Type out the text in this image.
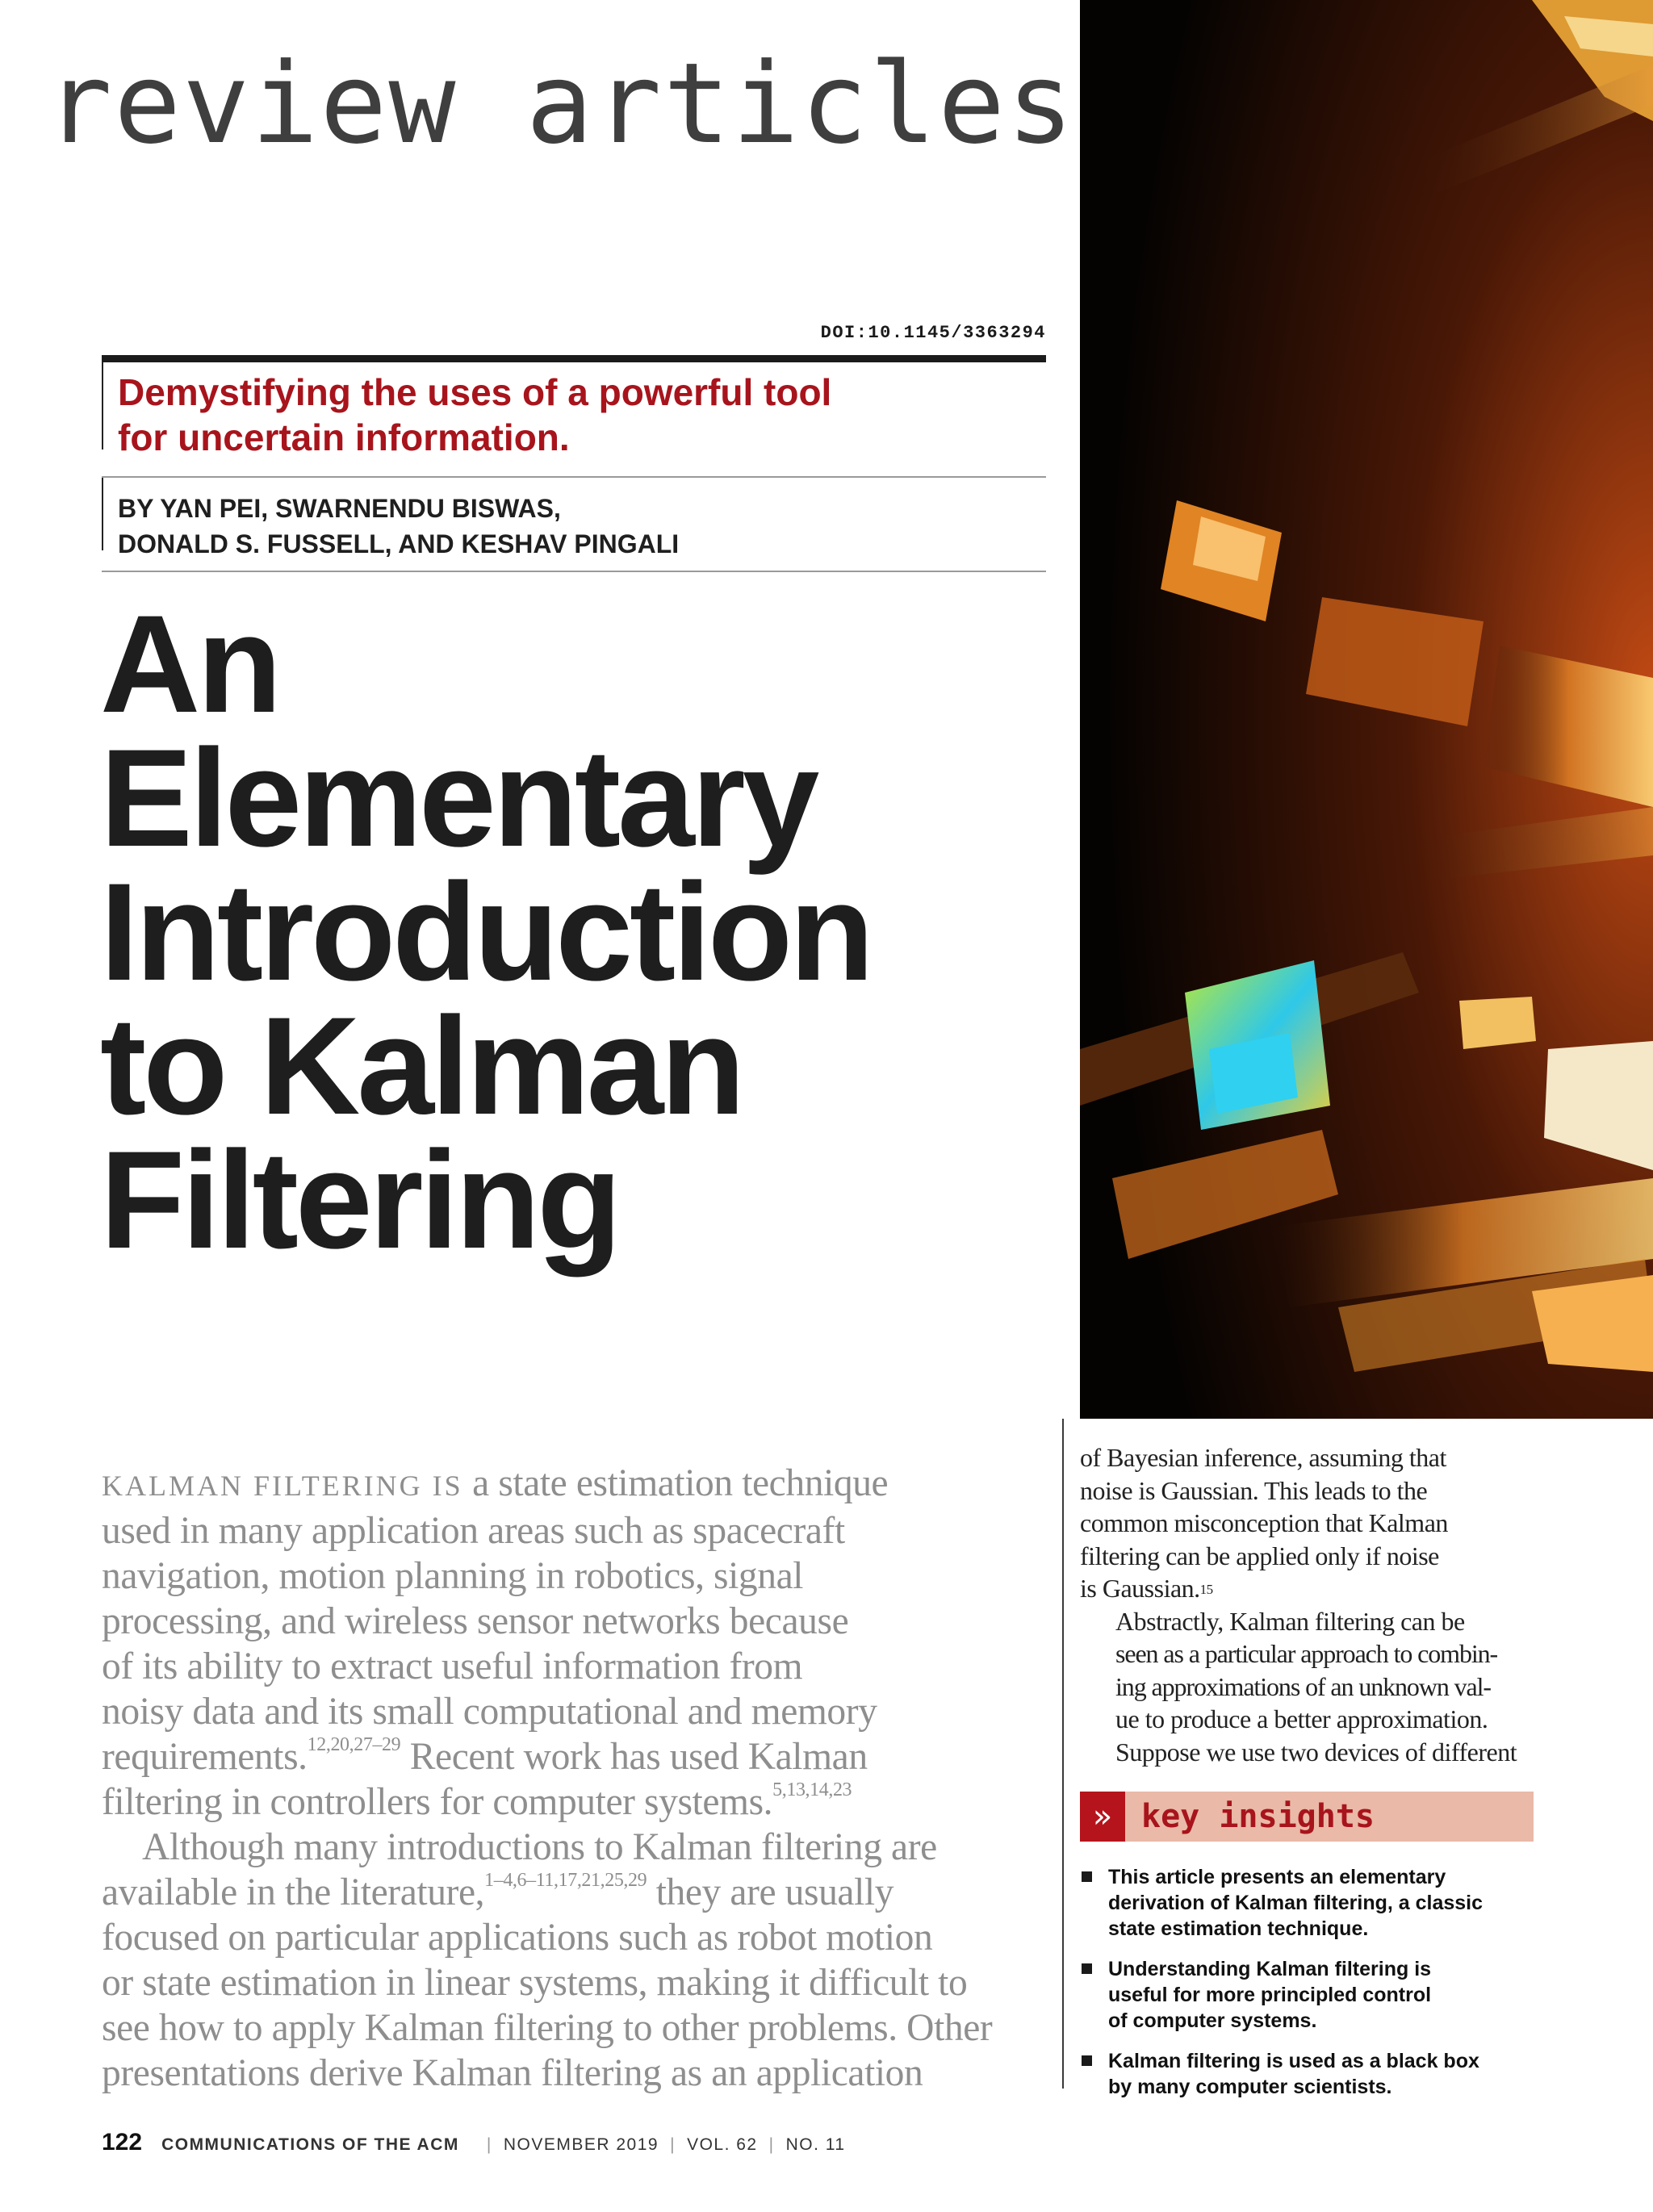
review articles
DOI:10.1145/3363294
Demystifying the uses of a powerful tool
for uncertain information.
BY YAN PEI, SWARNENDU BISWAS,
DONALD S. FUSSELL, AND KESHAV PINGALI
An
Elementary
Introduction
to Kalman
Filtering

KALMAN FILTERING IS a state estimation technique

used in many application areas such as spacecraft

navigation, motion planning in robotics, signal

processing, and wireless sensor networks because

of its ability to extract useful information from

noisy data and its small computational and memory

requirements.$^{12,20,27-29}$ Recent work has used Kalman

filtering in controllers for computer systems.$^{5,13,14,23}$

Although many introductions to Kalman filtering are

available in the literature,$^{1-4,6-11,17,21,25,29}$ they are usually

focused on particular applications such as robot motion

or state estimation in linear systems, making it difficult to

see how to apply Kalman filtering to other problems. Other

presentations derive Kalman filtering as an application

of Bayesian inference, assuming that
noise is Gaussian. This leads to the
common misconception that Kalman
filtering can be applied only if noise
is Gaussian.15

Abstractly, Kalman filtering can be
seen as a particular approach to combin-
ing approximations of an unknown val-
ue to produce a better approximation.
Suppose we use two devices of different

» key insights
This article presents an elementary
derivation of Kalman filtering, a classic
state estimation technique.
Understanding Kalman filtering is
useful for more principled control
of computer systems.
Kalman filtering is used as a black box
by many computer scientists.
122 COMMUNICATIONS OF THE ACM | NOVEMBER 2019 | VOL. 62 | NO. 11
